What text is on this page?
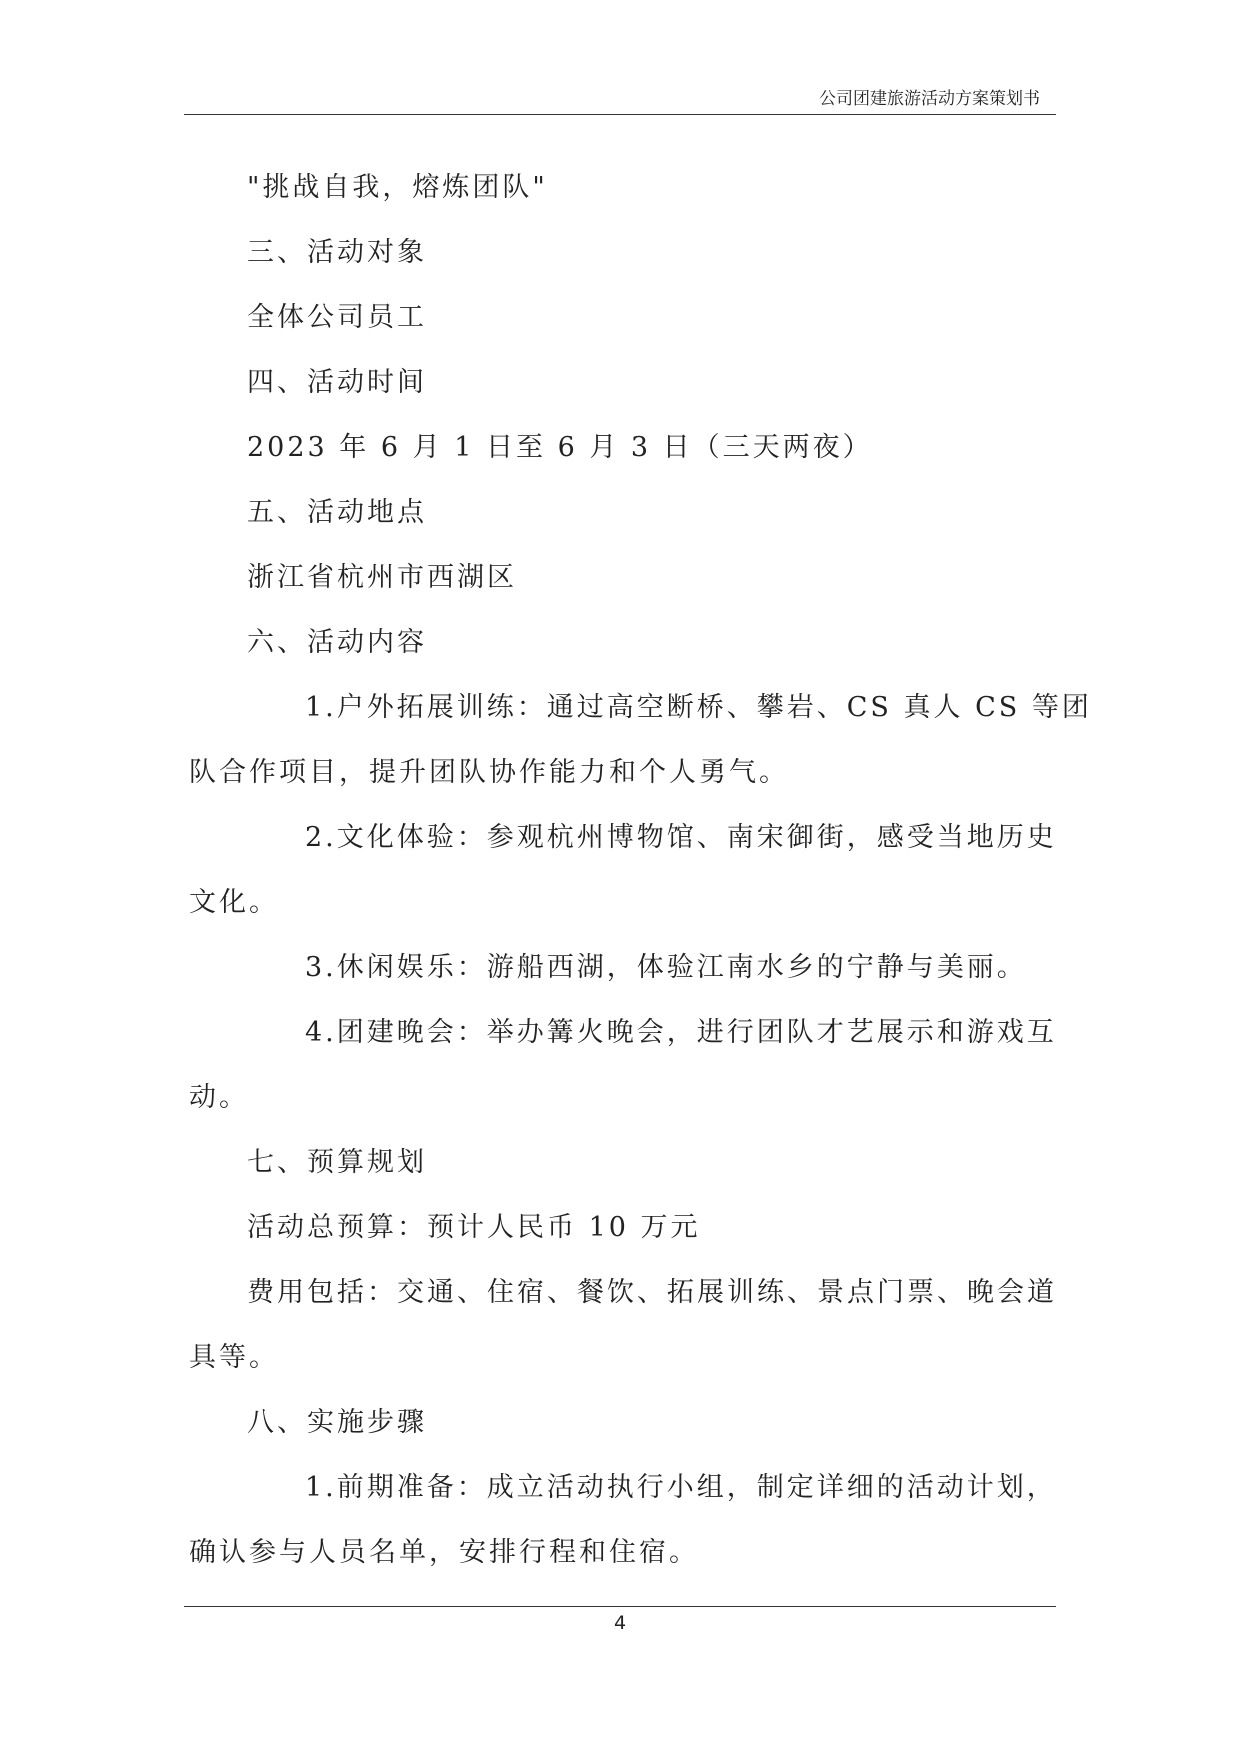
公司团建旅游活动方案策划书
"挑战自我，熔炼团队"
三、活动对象
全体公司员工
四、活动时间
2023 年 6 月 1 日至 6 月 3 日（三天两夜）
五、活动地点
浙江省杭州市西湖区
六、活动内容
1.户外拓展训练：通过高空断桥、攀岩、CS 真人 CS 等团
队合作项目，提升团队协作能力和个人勇气。
2.文化体验：参观杭州博物馆、南宋御街，感受当地历史
文化。
3.休闲娱乐：游船西湖，体验江南水乡的宁静与美丽。
4.团建晚会：举办篝火晚会，进行团队才艺展示和游戏互
动。
七、预算规划
活动总预算：预计人民币 10 万元
费用包括：交通、住宿、餐饮、拓展训练、景点门票、晚会道
具等。
八、实施步骤
1.前期准备：成立活动执行小组，制定详细的活动计划，
确认参与人员名单，安排行程和住宿。
4
